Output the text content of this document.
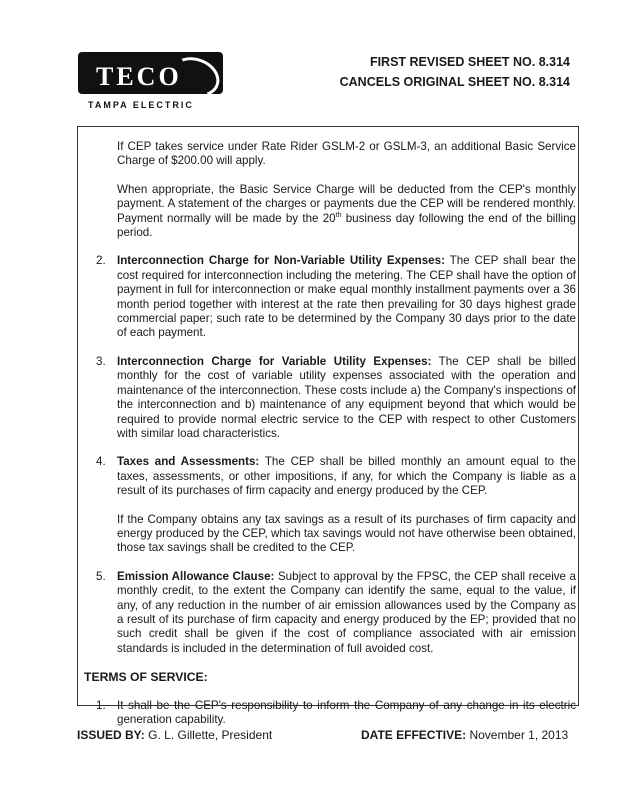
TECO
TAMPA ELECTRIC
FIRST REVISED SHEET NO. 8.314
CANCELS ORIGINAL SHEET NO. 8.314

If CEP takes service under Rate Rider GSLM-2 or GSLM-3, an additional Basic Service Charge of $200.00 will apply.

When appropriate, the Basic Service Charge will be deducted from the CEP's monthly payment. A statement of the charges or payments due the CEP will be rendered monthly. Payment normally will be made by the 20th business day following the end of the billing period.

2. Interconnection Charge for Non-Variable Utility Expenses: The CEP shall bear the cost required for interconnection including the metering. The CEP shall have the option of payment in full for interconnection or make equal monthly installment payments over a 36 month period together with interest at the rate then prevailing for 30 days highest grade commercial paper; such rate to be determined by the Company 30 days prior to the date of each payment.

3. Interconnection Charge for Variable Utility Expenses: The CEP shall be billed monthly for the cost of variable utility expenses associated with the operation and maintenance of the interconnection. These costs include a) the Company's inspections of the interconnection and b) maintenance of any equipment beyond that which would be required to provide normal electric service to the CEP with respect to other Customers with similar load characteristics.

4. Taxes and Assessments: The CEP shall be billed monthly an amount equal to the taxes, assessments, or other impositions, if any, for which the Company is liable as a result of its purchases of firm capacity and energy produced by the CEP.

If the Company obtains any tax savings as a result of its purchases of firm capacity and energy produced by the CEP, which tax savings would not have otherwise been obtained, those tax savings shall be credited to the CEP.

5. Emission Allowance Clause: Subject to approval by the FPSC, the CEP shall receive a monthly credit, to the extent the Company can identify the same, equal to the value, if any, of any reduction in the number of air emission allowances used by the Company as a result of its purchase of firm capacity and energy produced by the EP; provided that no such credit shall be given if the cost of compliance associated with air emission standards is included in the determination of full avoided cost.

TERMS OF SERVICE:

1. It shall be the CEP's responsibility to inform the Company of any change in its electric generation capability.

ISSUED BY: G. L. Gillette, President	DATE EFFECTIVE: November 1, 2013
